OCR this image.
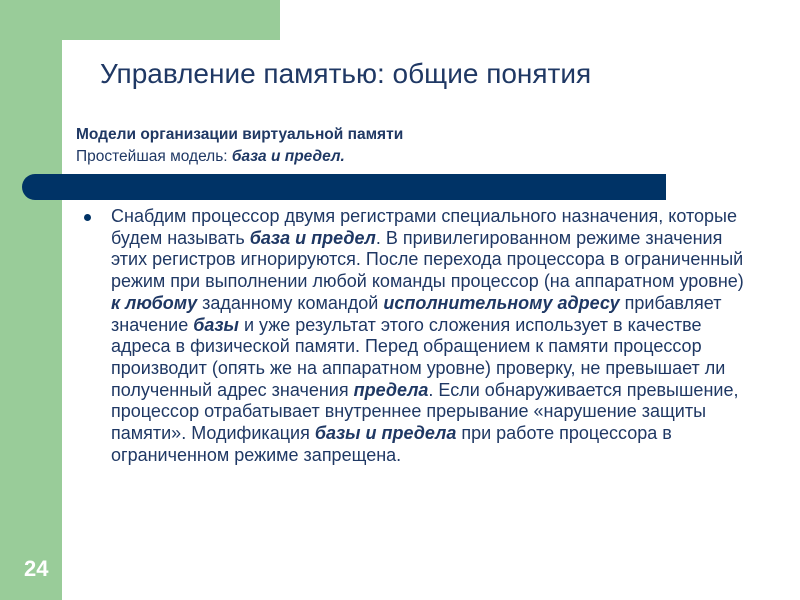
Управление памятью: общие понятия
Модели организации виртуальной памяти
Простейшая модель: база и предел.
Снабдим процессор двумя регистрами специального назначения, которые будем называть база и предел. В привилегированном режиме значения этих регистров игнорируются. После перехода процессора в ограниченный режим при выполнении любой команды процессор (на аппаратном уровне) к любому заданному командой исполнительному адресу прибавляет значение базы и уже результат этого сложения использует в качестве адреса в физической памяти. Перед обращением к памяти процессор производит (опять же на аппаратном уровне) проверку, не превышает ли полученный адрес значения предела. Если обнаруживается превышение, процессор отрабатывает внутреннее прерывание «нарушение защиты памяти». Модификация базы и предела при работе процессора в ограниченном режиме запрещена.
24
